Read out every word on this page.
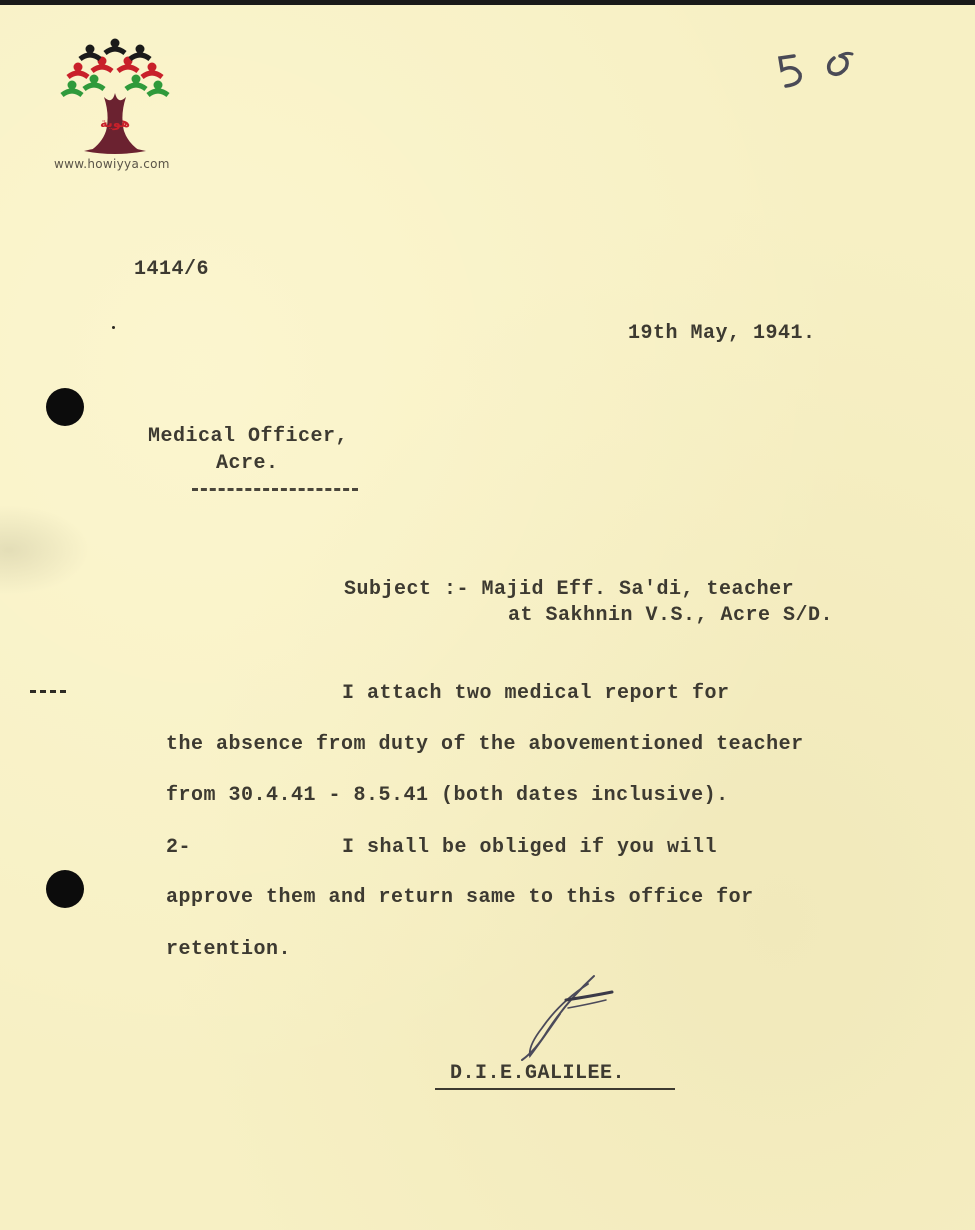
هوية
www.howiyya.com
50
1414/6
19th May, 1941.
Medical Officer,
Acre.
Subject :- Majid Eff. Sa'di, teacher
at Sakhnin V.S., Acre S/D.
I attach two medical report for
the absence from duty of the abovementioned teacher
from 30.4.41 - 8.5.41 (both dates inclusive).
2-	I shall be obliged if you will
approve them and return same to this office for
retention.
D.I.E.GALILEE.
